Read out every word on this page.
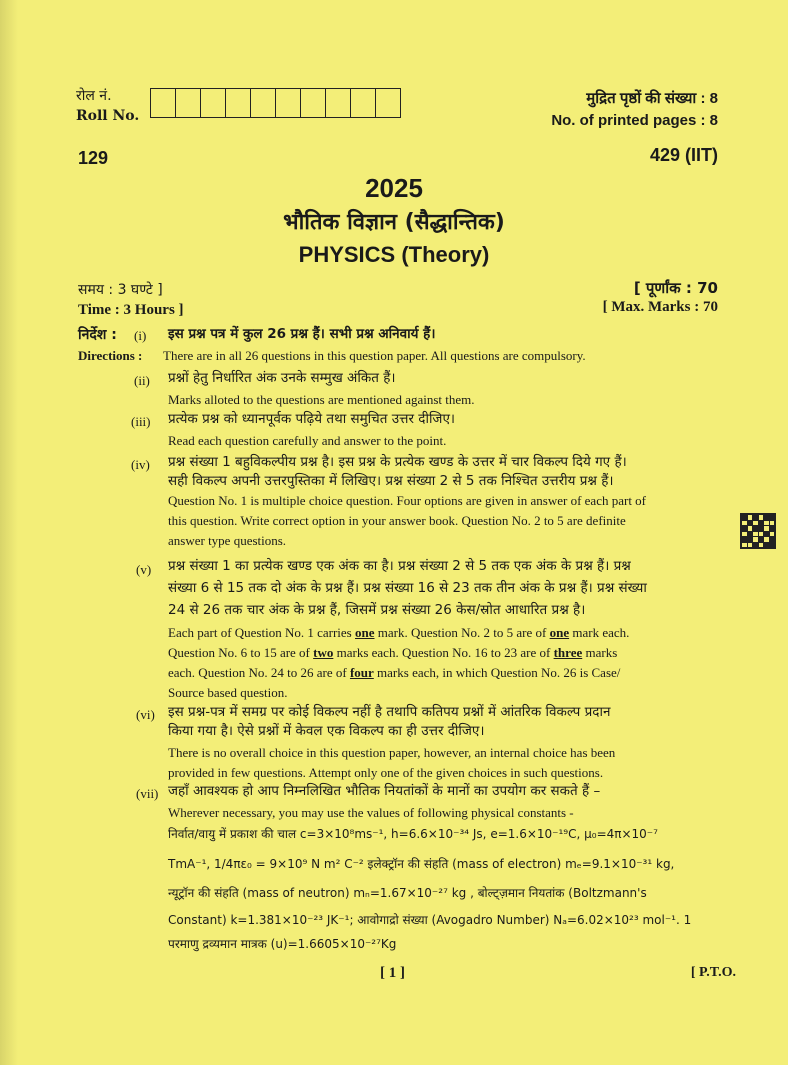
रोल नं.
Roll No.
मुद्रित पृष्ठों की संख्या : 8
No. of printed pages : 8
129	429 (IIT)
2025
भौतिक विज्ञान (सैद्धान्तिक)
PHYSICS (Theory)
समय : 3 घण्टे ]
Time : 3 Hours ]
[ पूर्णांक : 70
[ Max. Marks : 70
निर्देश : (i) इस प्रश्न पत्र में कुल 26 प्रश्न हैं। सभी प्रश्न अनिवार्य हैं।
Directions : There are in all 26 questions in this question paper. All questions are compulsory.
(ii) प्रश्नों हेतु निर्धारित अंक उनके सम्मुख अंकित हैं।
Marks alloted to the questions are mentioned against them.
(iii) प्रत्येक प्रश्न को ध्यानपूर्वक पढ़िये तथा समुचित उत्तर दीजिए।
Read each question carefully and answer to the point.
(iv) प्रश्न संख्या 1 बहुविकल्पीय प्रश्न है। इस प्रश्न के प्रत्येक खण्ड के उत्तर में चार विकल्प दिये गए हैं।
सही विकल्प अपनी उत्तरपुस्तिका में लिखिए। प्रश्न संख्या 2 से 5 तक निश्चित उत्तरीय प्रश्न हैं।
Question No. 1 is multiple choice question. Four options are given in answer of each part of
this question. Write correct option in your answer book. Question No. 2 to 5 are definite
answer type questions.
(v) प्रश्न संख्या 1 का प्रत्येक खण्ड एक अंक का है। प्रश्न संख्या 2 से 5 तक एक अंक के प्रश्न हैं। प्रश्न
संख्या 6 से 15 तक दो अंक के प्रश्न हैं। प्रश्न संख्या 16 से 23 तक तीन अंक के प्रश्न हैं। प्रश्न संख्या
24 से 26 तक चार अंक के प्रश्न हैं, जिसमें प्रश्न संख्या 26 केस/स्रोत आधारित प्रश्न है।
Each part of Question No. 1 carries one mark. Question No. 2 to 5 are of one mark each.
Question No. 6 to 15 are of two marks each. Question No. 16 to 23 are of three marks
each. Question No. 24 to 26 are of four marks each, in which Question No. 26 is Case/
Source based question.
(vi) इस प्रश्न-पत्र में समग्र पर कोई विकल्प नहीं है तथापि कतिपय प्रश्नों में आंतरिक विकल्प प्रदान
किया गया है। ऐसे प्रश्नों में केवल एक विकल्प का ही उत्तर दीजिए।
There is no overall choice in this question paper, however, an internal choice has been
provided in few questions. Attempt only one of the given choices in such questions.
(vii) जहाँ आवश्यक हो आप निम्नलिखित भौतिक नियतांकों के मानों का उपयोग कर सकते हैं –
Wherever necessary, you may use the values of following physical constants -
निर्वात/वायु में प्रकाश की चाल c=3×10⁸ms⁻¹, h=6.6×10⁻³⁴ Js, e=1.6×10⁻¹⁹C, μ₀=4π×10⁻⁷
TmA⁻¹, 1/4πε₀ = 9×10⁹ N m² C⁻² इलेक्ट्रॉन की संहति (mass of electron) mₑ=9.1×10⁻³¹ kg,
न्यूट्रॉन की संहति (mass of neutron) mₙ=1.67×10⁻²⁷ kg , बोल्ट्ज़मान नियतांक (Boltzmann's
Constant) k=1.381×10⁻²³ JK⁻¹; आवोगाद्रो संख्या (Avogadro Number) Nₐ=6.02×10²³ mol⁻¹. 1
परमाणु द्रव्यमान मात्रक (u)=1.6605×10⁻²⁷Kg
[ 1 ]	[ P.T.O.
